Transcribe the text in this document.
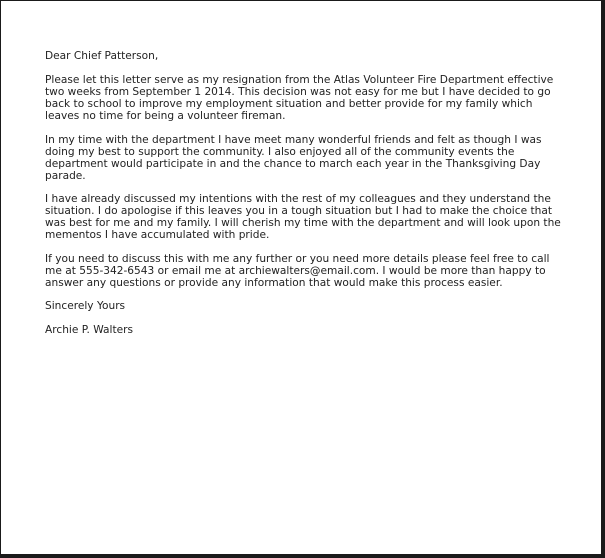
Dear Chief Patterson,

Please let this letter serve as my resignation from the Atlas Volunteer Fire Department effective two weeks from September 1 2014. This decision was not easy for me but I have decided to go back to school to improve my employment situation and better provide for my family which leaves no time for being a volunteer fireman.

In my time with the department I have meet many wonderful friends and felt as though I was doing my best to support the community. I also enjoyed all of the community events the department would participate in and the chance to march each year in the Thanksgiving Day parade.

I have already discussed my intentions with the rest of my colleagues and they understand the situation. I do apologise if this leaves you in a tough situation but I had to make the choice that was best for me and my family. I will cherish my time with the department and will look upon the mementos I have accumulated with pride.

If you need to discuss this with me any further or you need more details please feel free to call me at 555-342-6543 or email me at archiewalters@email.com. I would be more than happy to answer any questions or provide any information that would make this process easier.

Sincerely Yours

Archie P. Walters
